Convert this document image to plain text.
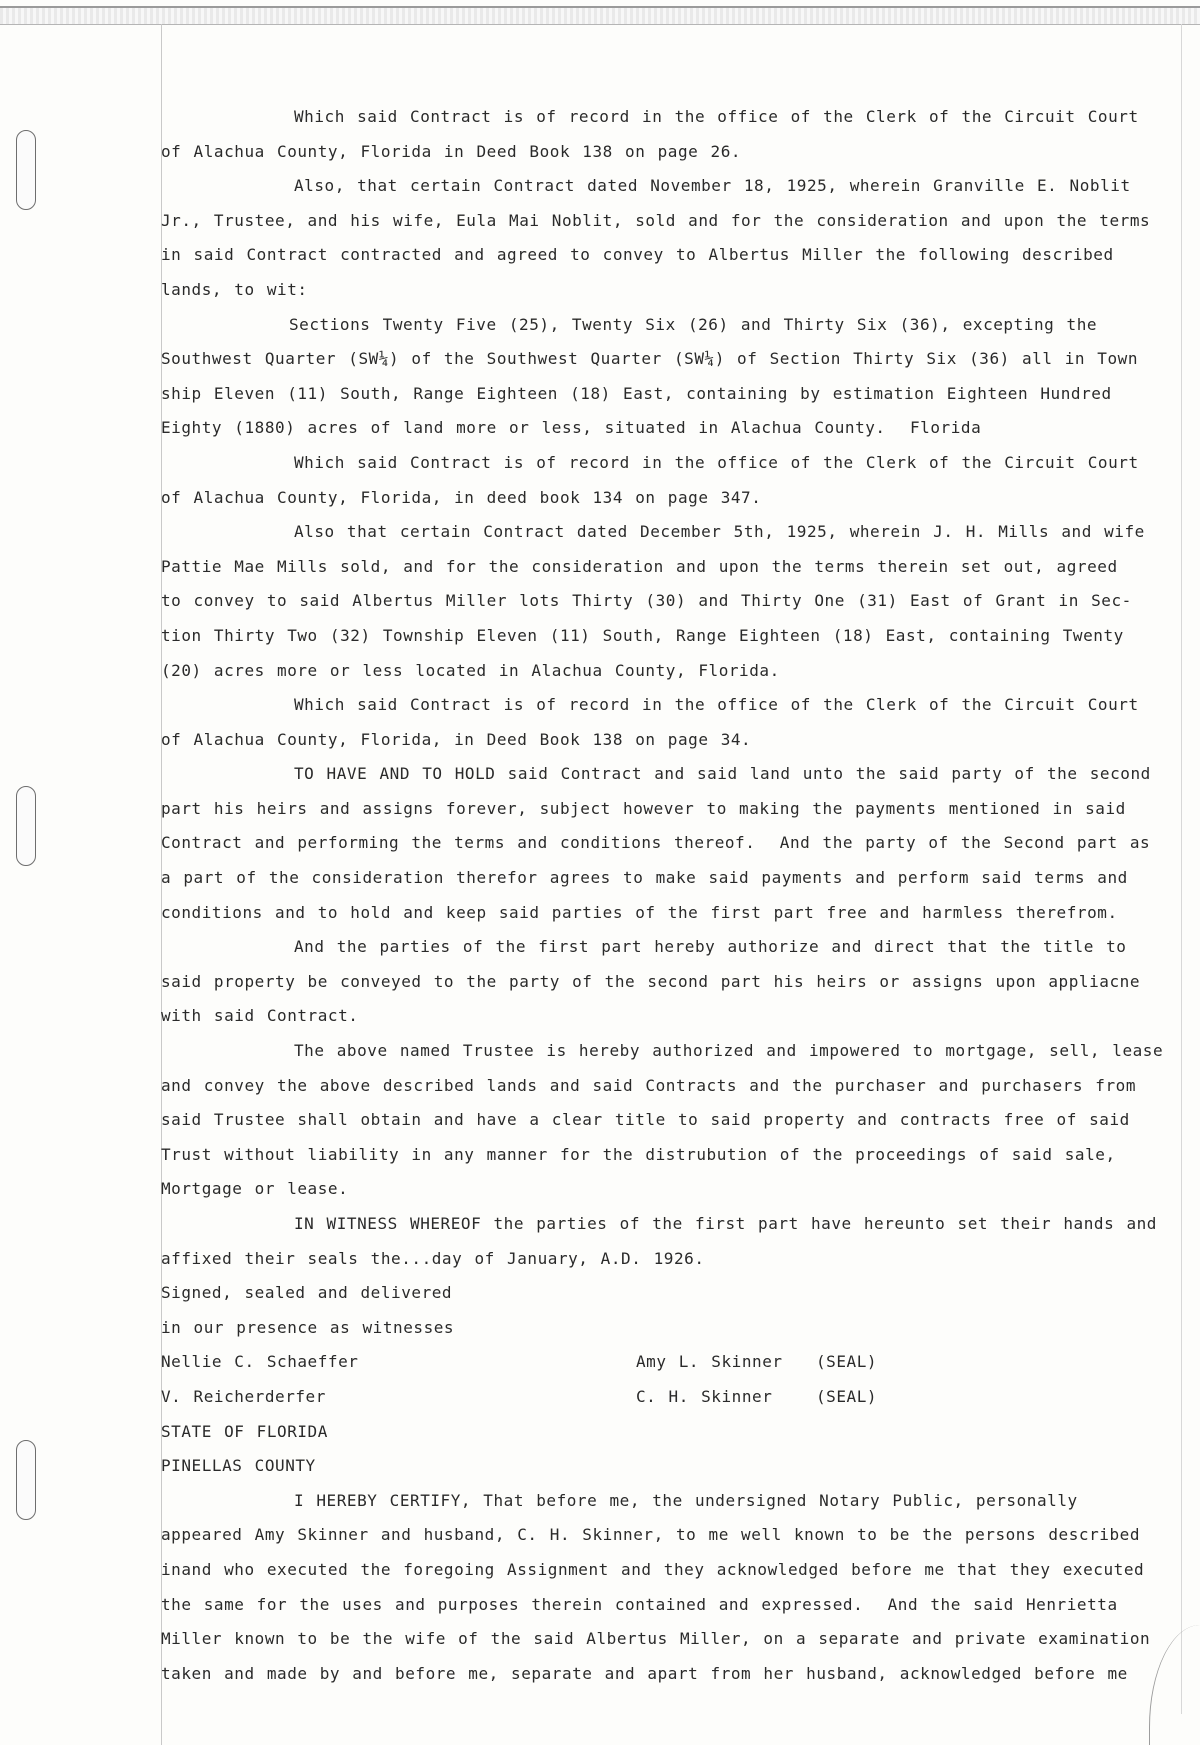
Which said Contract is of record in the office of the Clerk of the Circuit Court
of Alachua County, Florida in Deed Book 138 on page 26.
Also, that certain Contract dated November 18, 1925, wherein Granville E. Noblit
Jr., Trustee, and his wife, Eula Mai Noblit, sold and for the consideration and upon the terms
in said Contract contracted and agreed to convey to Albertus Miller the following described
lands, to wit:
Sections Twenty Five (25), Twenty Six (26) and Thirty Six (36), excepting the
Southwest Quarter (SW¼) of the Southwest Quarter (SW¼) of Section Thirty Six (36) all in Town
ship Eleven (11) South, Range Eighteen (18) East, containing by estimation Eighteen Hundred
Eighty (1880) acres of land more or less, situated in Alachua County.  Florida
Which said Contract is of record in the office of the Clerk of the Circuit Court
of Alachua County, Florida, in deed book 134 on page 347.
Also that certain Contract dated December 5th, 1925, wherein J. H. Mills and wife
Pattie Mae Mills sold, and for the consideration and upon the terms therein set out, agreed
to convey to said Albertus Miller lots Thirty (30) and Thirty One (31) East of Grant in Sec-
tion Thirty Two (32) Township Eleven (11) South, Range Eighteen (18) East, containing Twenty
(20) acres more or less located in Alachua County, Florida.
Which said Contract is of record in the office of the Clerk of the Circuit Court
of Alachua County, Florida, in Deed Book 138 on page 34.
TO HAVE AND TO HOLD said Contract and said land unto the said party of the second
part his heirs and assigns forever, subject however to making the payments mentioned in said
Contract and performing the terms and conditions thereof.  And the party of the Second part as
a part of the consideration therefor agrees to make said payments and perform said terms and
conditions and to hold and keep said parties of the first part free and harmless therefrom.
And the parties of the first part hereby authorize and direct that the title to
said property be conveyed to the party of the second part his heirs or assigns upon appliacne
with said Contract.
The above named Trustee is hereby authorized and impowered to mortgage, sell, lease
and convey the above described lands and said Contracts and the purchaser and purchasers from
said Trustee shall obtain and have a clear title to said property and contracts free of said
Trust without liability in any manner for the distrubution of the proceedings of said sale,
Mortgage or lease.
IN WITNESS WHEREOF the parties of the first part have hereunto set their hands and
affixed their seals the...day of January, A.D. 1926.
Signed, sealed and delivered
in our presence as witnesses
Nellie C. Schaeffer	Amy L. Skinner (SEAL)
V. Reicherderfer	C. H. Skinner	(SEAL)
STATE OF FLORIDA
PINELLAS COUNTY
I HEREBY CERTIFY, That before me, the undersigned Notary Public, personally
appeared Amy Skinner and husband, C. H. Skinner, to me well known to be the persons described
inand who executed the foregoing Assignment and they acknowledged before me that they executed
the same for the uses and purposes therein contained and expressed.  And the said Henrietta
Miller known to be the wife of the said Albertus Miller, on a separate and private examination
taken and made by and before me, separate and apart from her husband, acknowledged before me
